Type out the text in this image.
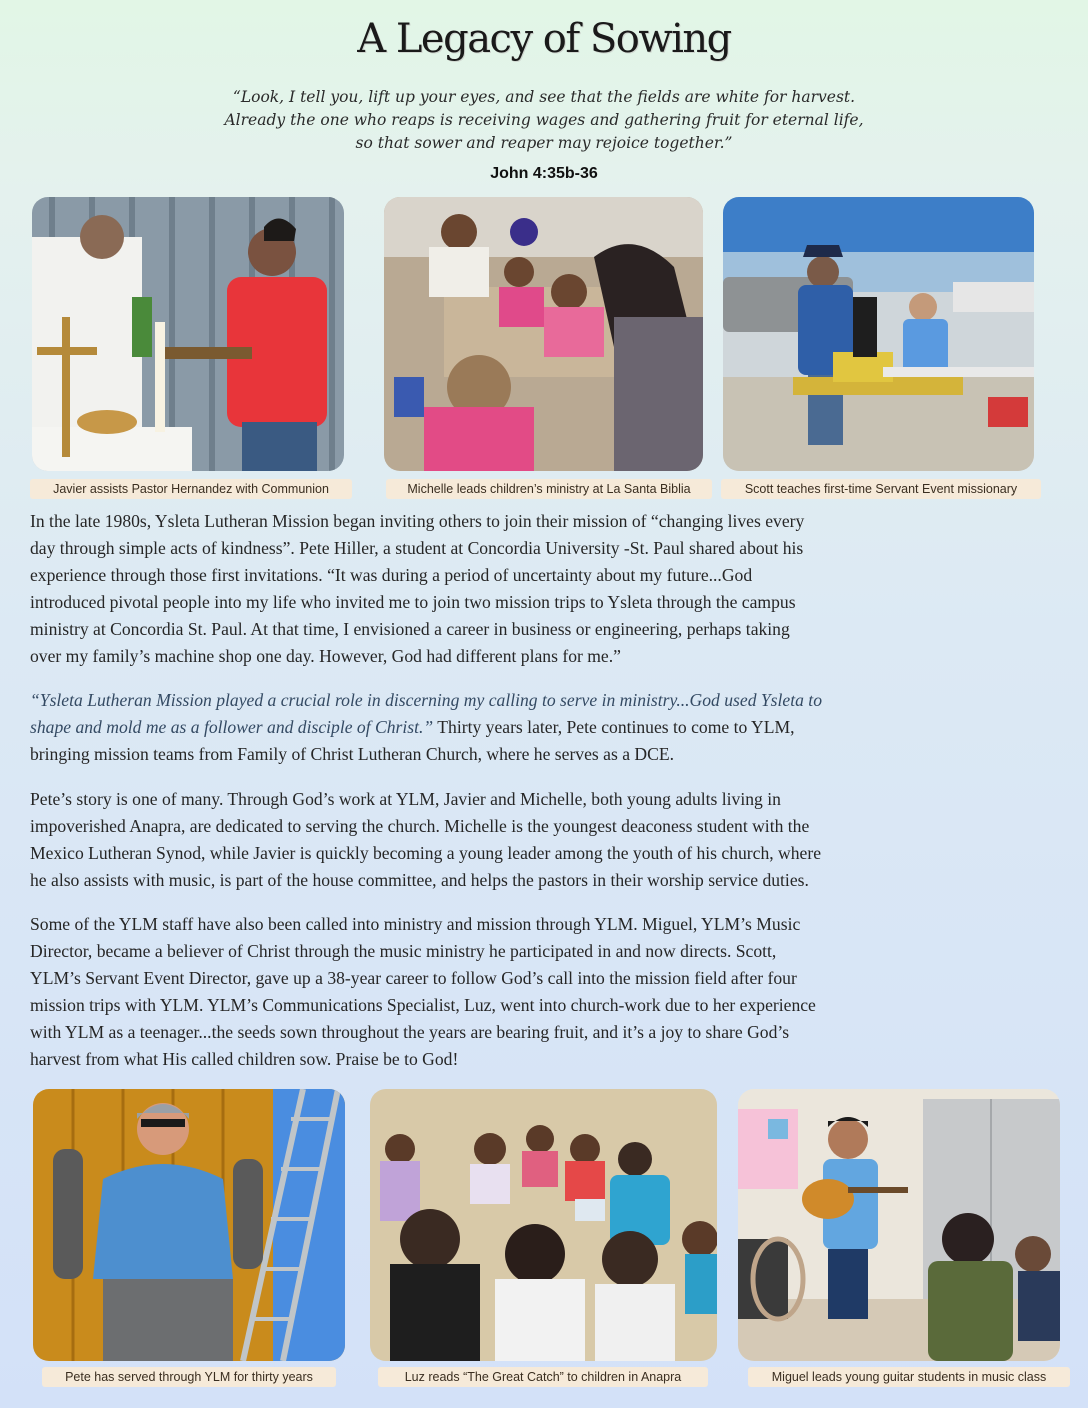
A Legacy of Sowing
“Look, I tell you, lift up your eyes, and see that the fields are white for harvest.
Already the one who reaps is receiving wages and gathering fruit for eternal life,
so that sower and reaper may rejoice together.”
John 4:35b-36
Javier assists Pastor Hernandez with Communion	Michelle leads children’s ministry at La Santa Biblia	Scott teaches first-time Servant Event missionary

In the late 1980s, Ysleta Lutheran Mission began inviting others to join their mission of “changing lives every
day through simple acts of kindness”. Pete Hiller, a student at Concordia University -St. Paul shared about his
experience through those first invitations. “It was during a period of uncertainty about my future...God
introduced pivotal people into my life who invited me to join two mission trips to Ysleta through the campus
ministry at Concordia St. Paul. At that time, I envisioned a career in business or engineering, perhaps taking
over my family’s machine shop one day. However, God had different plans for me.”

“Ysleta Lutheran Mission played a crucial role in discerning my calling to serve in ministry...God used Ysleta to
shape and mold me as a follower and disciple of Christ.” Thirty years later, Pete continues to come to YLM,
bringing mission teams from Family of Christ Lutheran Church, where he serves as a DCE.

Pete’s story is one of many. Through God’s work at YLM, Javier and Michelle, both young adults living in
impoverished Anapra, are dedicated to serving the church. Michelle is the youngest deaconess student with the
Mexico Lutheran Synod, while Javier is quickly becoming a young leader among the youth of his church, where
he also assists with music, is part of the house committee, and helps the pastors in their worship service duties.

Some of the YLM staff have also been called into ministry and mission through YLM. Miguel, YLM’s Music
Director, became a believer of Christ through the music ministry he participated in and now directs. Scott,
YLM’s Servant Event Director, gave up a 38-year career to follow God’s call into the mission field after four
mission trips with YLM. YLM’s Communications Specialist, Luz, went into church-work due to her experience
with YLM as a teenager...the seeds sown throughout the years are bearing fruit, and it’s a joy to share God’s
harvest from what His called children sow. Praise be to God!

Pete has served through YLM for thirty years	Luz reads “The Great Catch” to children in Anapra	Miguel leads young guitar students in music class
